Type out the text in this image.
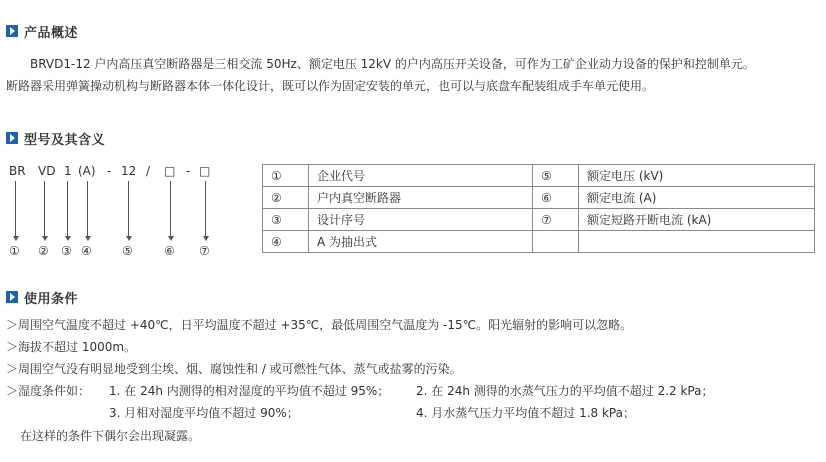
产品概述
　　BRVD1-12 户内高压真空断路器是三相交流 50Hz、额定电压 12kV 的户内高压开关设备，可作为工矿企业动力设备的保护和控制单元。
断路器采用弹簧操动机构与断路器本体一体化设计，既可以作为固定安装的单元，也可以与底盘车配装组成手车单元使用。
型号及其含义
BR VD 1 (A) - 12 / □ - □
① ② ③ ④	⑤	⑥ ⑦
①	企业代号	⑤	额定电压 (kV)
②	户内真空断路器	⑥	额定电流 (A)
③	设计序号	⑦	额定短路开断电流 (kA)
④	A 为抽出式		
使用条件
＞周围空气温度不超过 +40℃，日平均温度不超过 +35℃，最低周围空气温度为 -15℃。阳光辐射的影响可以忽略。
＞海拔不超过 1000m。
＞周围空气没有明显地受到尘埃、烟、腐蚀性和 / 或可燃性气体、蒸气或盐雾的污染。
＞湿度条件如： 1. 在 24h 内测得的相对湿度的平均值不超过 95%； 2. 在 24h 测得的水蒸气压力的平均值不超过 2.2 kPa；
3. 月相对湿度平均值不超过 90%；	4. 月水蒸气压力平均值不超过 1.8 kPa；
在这样的条件下偶尔会出现凝露。
